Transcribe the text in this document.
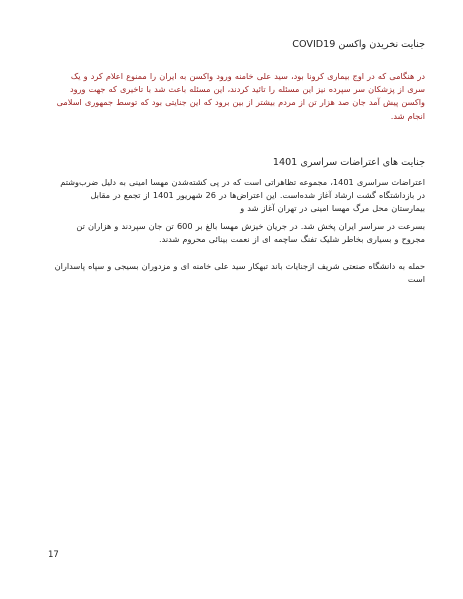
جنایت نخریدن واکسن COVID19
در هنگامی که در اوج بیماری کرونا بود، سید علی خامنه ورود واکسن به ایران را ممنوع اعلام کرد و یک سری از پزشکان سر سپرده نیز این مسئله را تائید کردند، این مسئله باعث شد با تاخیری که جهت ورود واکسن پیش آمد جان صد هزار تن از مردم بیشتر از بین برود که این جنایتی بود که توسط جمهوری اسلامی انجام شد.
جنایت های اعتراضات سراسری 1401
اعتراضات سراسری 1401، مجموعه تظاهراتی است که در پی کشته‌شدن مهسا امینی به دلیل ضرب‌وشتم در بازداشتگاه گشت ارشاد آغاز شده‌است. این اعتراض‌ها در 26 شهریور 1401 از تجمع در مقابل بیمارستان محل مرگ مهسا امینی در تهران آغاز شد و
بسرعت در سراسر ایران پخش شد. در جریان خیزش مهسا بالغ بر 600 تن جان سپردند و هزاران تن مجروح و بسیاری بخاطر شلیک تفنگ ساچمه ای از نعمت بینائی محروم شدند.
حمله به دانشگاه صنعتی شریف ازجنایات باند تبهکار سید علی خامنه ای و مزدوران بسیجی و سپاه پاسداران است
17
